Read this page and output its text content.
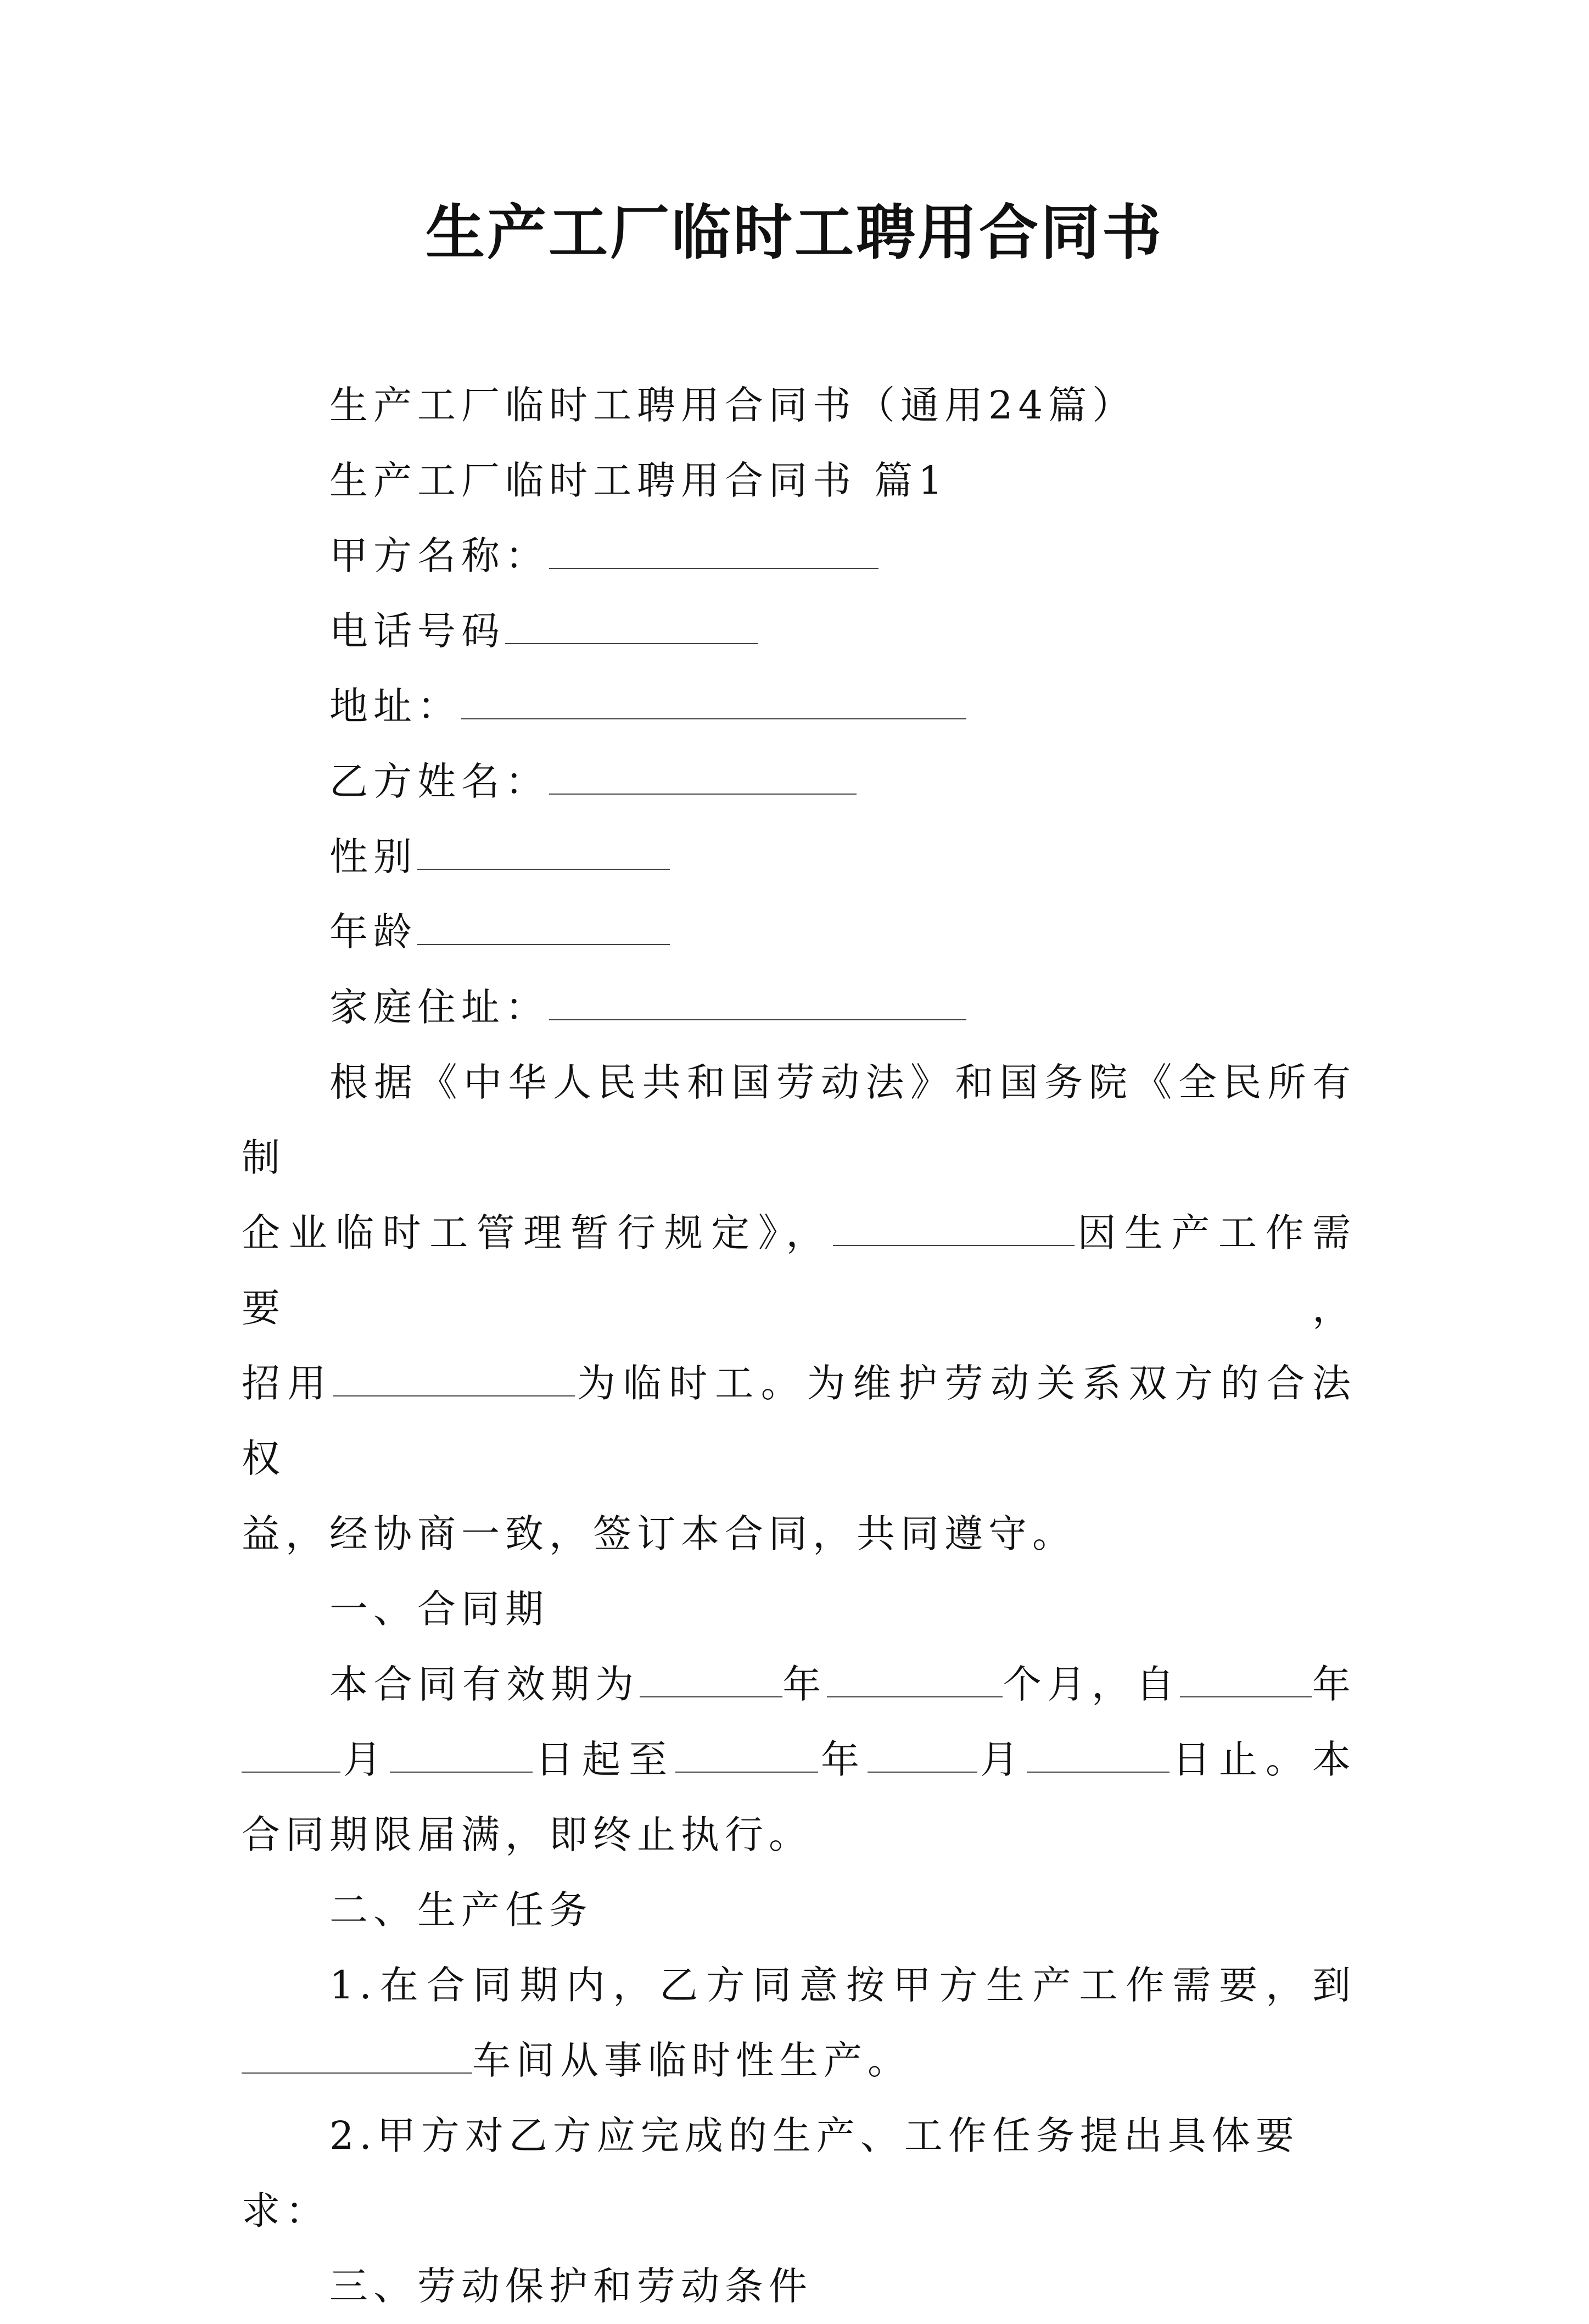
生产工厂临时工聘用合同书

生产工厂临时工聘用合同书（通用24篇）

生产工厂临时工聘用合同书 篇1

甲方名称：

电话号码

地址：

乙方姓名：

性别

年龄

家庭住址：

根据《中华人民共和国劳动法》和国务院《全民所有制

企业临时工管理暂行规定》，	因生产工作需要，

招用	为临时工。为维护劳动关系双方的合法权

益，经协商一致，签订本合同，共同遵守。

一、合同期

本合同有效期为	年	个月，自	年

月	日起至	年	月	日止。本

合同期限届满，即终止执行。

二、生产任务

1.在合同期内，乙方同意按甲方生产工作需要，到

车间从事临时性生产。

2.甲方对乙方应完成的生产、工作任务提出具体要求：

三、劳动保护和劳动条件
